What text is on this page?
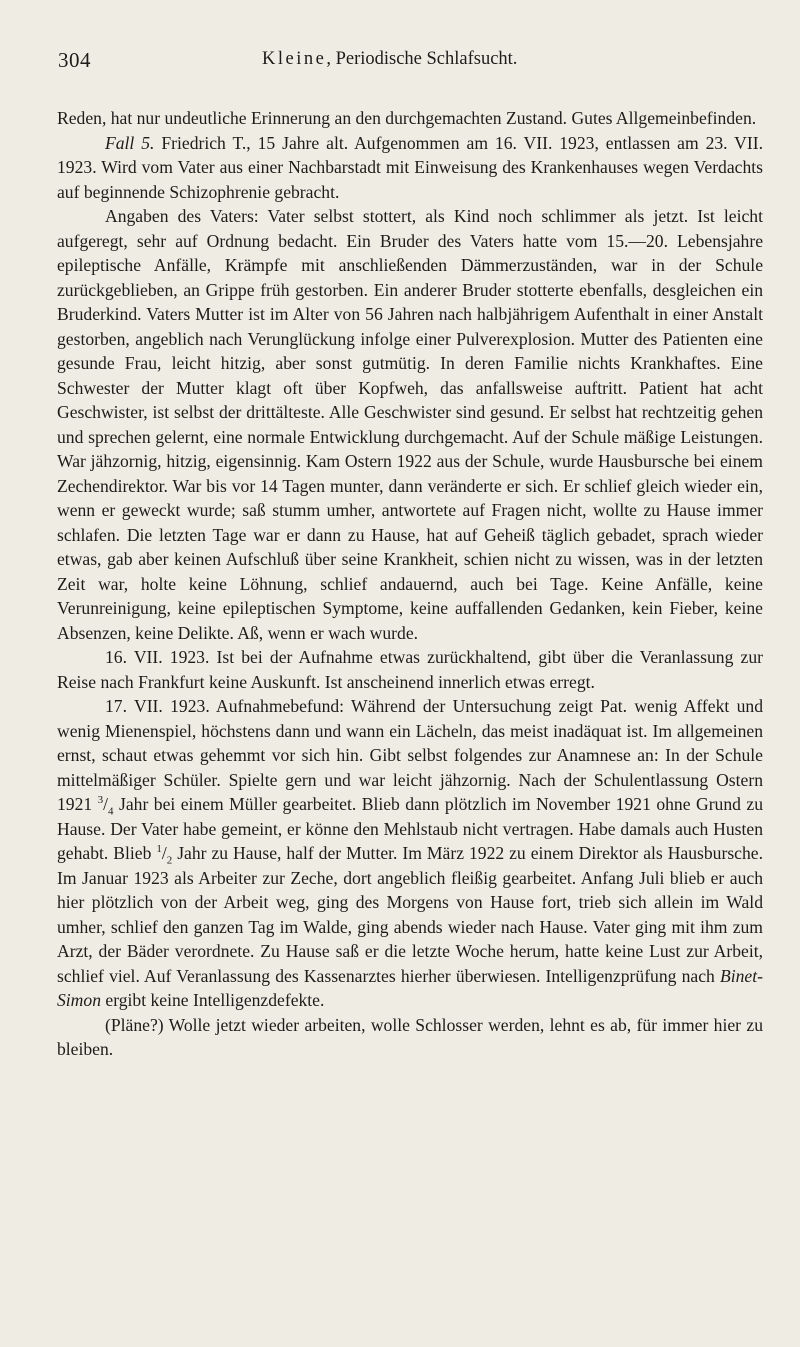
304	Kleine, Periodische Schlafsucht.

Reden, hat nur undeutliche Erinnerung an den durchgemachten Zustand. Gutes Allgemeinbefinden.

Fall 5. Friedrich T., 15 Jahre alt. Aufgenommen am 16. VII. 1923, entlassen am 23. VII. 1923. Wird vom Vater aus einer Nachbarstadt mit Einweisung des Krankenhauses wegen Verdachts auf beginnende Schizophrenie gebracht.

Angaben des Vaters: Vater selbst stottert, als Kind noch schlimmer als jetzt. Ist leicht aufgeregt, sehr auf Ordnung bedacht. Ein Bruder des Vaters hatte vom 15.—20. Lebensjahre epileptische Anfälle, Krämpfe mit anschließenden Dämmerzuständen, war in der Schule zurückgeblieben, an Grippe früh gestorben. Ein anderer Bruder stotterte ebenfalls, desgleichen ein Bruderkind. Vaters Mutter ist im Alter von 56 Jahren nach halbjährigem Aufenthalt in einer Anstalt gestorben, angeblich nach Verunglückung infolge einer Pulverexplosion. Mutter des Patienten eine gesunde Frau, leicht hitzig, aber sonst gutmütig. In deren Familie nichts Krankhaftes. Eine Schwester der Mutter klagt oft über Kopfweh, das anfallsweise auftritt. Patient hat acht Geschwister, ist selbst der drittälteste. Alle Geschwister sind gesund. Er selbst hat rechtzeitig gehen und sprechen gelernt, eine normale Entwicklung durchgemacht. Auf der Schule mäßige Leistungen. War jähzornig, hitzig, eigensinnig. Kam Ostern 1922 aus der Schule, wurde Hausbursche bei einem Zechendirektor. War bis vor 14 Tagen munter, dann veränderte er sich. Er schlief gleich wieder ein, wenn er geweckt wurde; saß stumm umher, antwortete auf Fragen nicht, wollte zu Hause immer schlafen. Die letzten Tage war er dann zu Hause, hat auf Geheiß täglich gebadet, sprach wieder etwas, gab aber keinen Aufschluß über seine Krankheit, schien nicht zu wissen, was in der letzten Zeit war, holte keine Löhnung, schlief andauernd, auch bei Tage. Keine Anfälle, keine Verunreinigung, keine epileptischen Symptome, keine auffallenden Gedanken, kein Fieber, keine Absenzen, keine Delikte. Aß, wenn er wach wurde.

16. VII. 1923. Ist bei der Aufnahme etwas zurückhaltend, gibt über die Veranlassung zur Reise nach Frankfurt keine Auskunft. Ist anscheinend innerlich etwas erregt.

17. VII. 1923. Aufnahmebefund: Während der Untersuchung zeigt Pat. wenig Affekt und wenig Mienenspiel, höchstens dann und wann ein Lächeln, das meist inadäquat ist. Im allgemeinen ernst, schaut etwas gehemmt vor sich hin. Gibt selbst folgendes zur Anamnese an: In der Schule mittelmäßiger Schüler. Spielte gern und war leicht jähzornig. Nach der Schulentlassung Ostern 1921 $^3/_4$ Jahr bei einem Müller gearbeitet. Blieb dann plötzlich im November 1921 ohne Grund zu Hause. Der Vater habe gemeint, er könne den Mehlstaub nicht vertragen. Habe damals auch Husten gehabt. Blieb $^1/_2$ Jahr zu Hause, half der Mutter. Im März 1922 zu einem Direktor als Hausbursche. Im Januar 1923 als Arbeiter zur Zeche, dort angeblich fleißig gearbeitet. Anfang Juli blieb er auch hier plötzlich von der Arbeit weg, ging des Morgens von Hause fort, trieb sich allein im Wald umher, schlief den ganzen Tag im Walde, ging abends wieder nach Hause. Vater ging mit ihm zum Arzt, der Bäder verordnete. Zu Hause saß er die letzte Woche herum, hatte keine Lust zur Arbeit, schlief viel. Auf Veranlassung des Kassenarztes hierher überwiesen. Intelligenzprüfung nach Binet-Simon ergibt keine Intelligenzdefekte.

(Pläne?) Wolle jetzt wieder arbeiten, wolle Schlosser werden, lehnt es ab, für immer hier zu bleiben.
